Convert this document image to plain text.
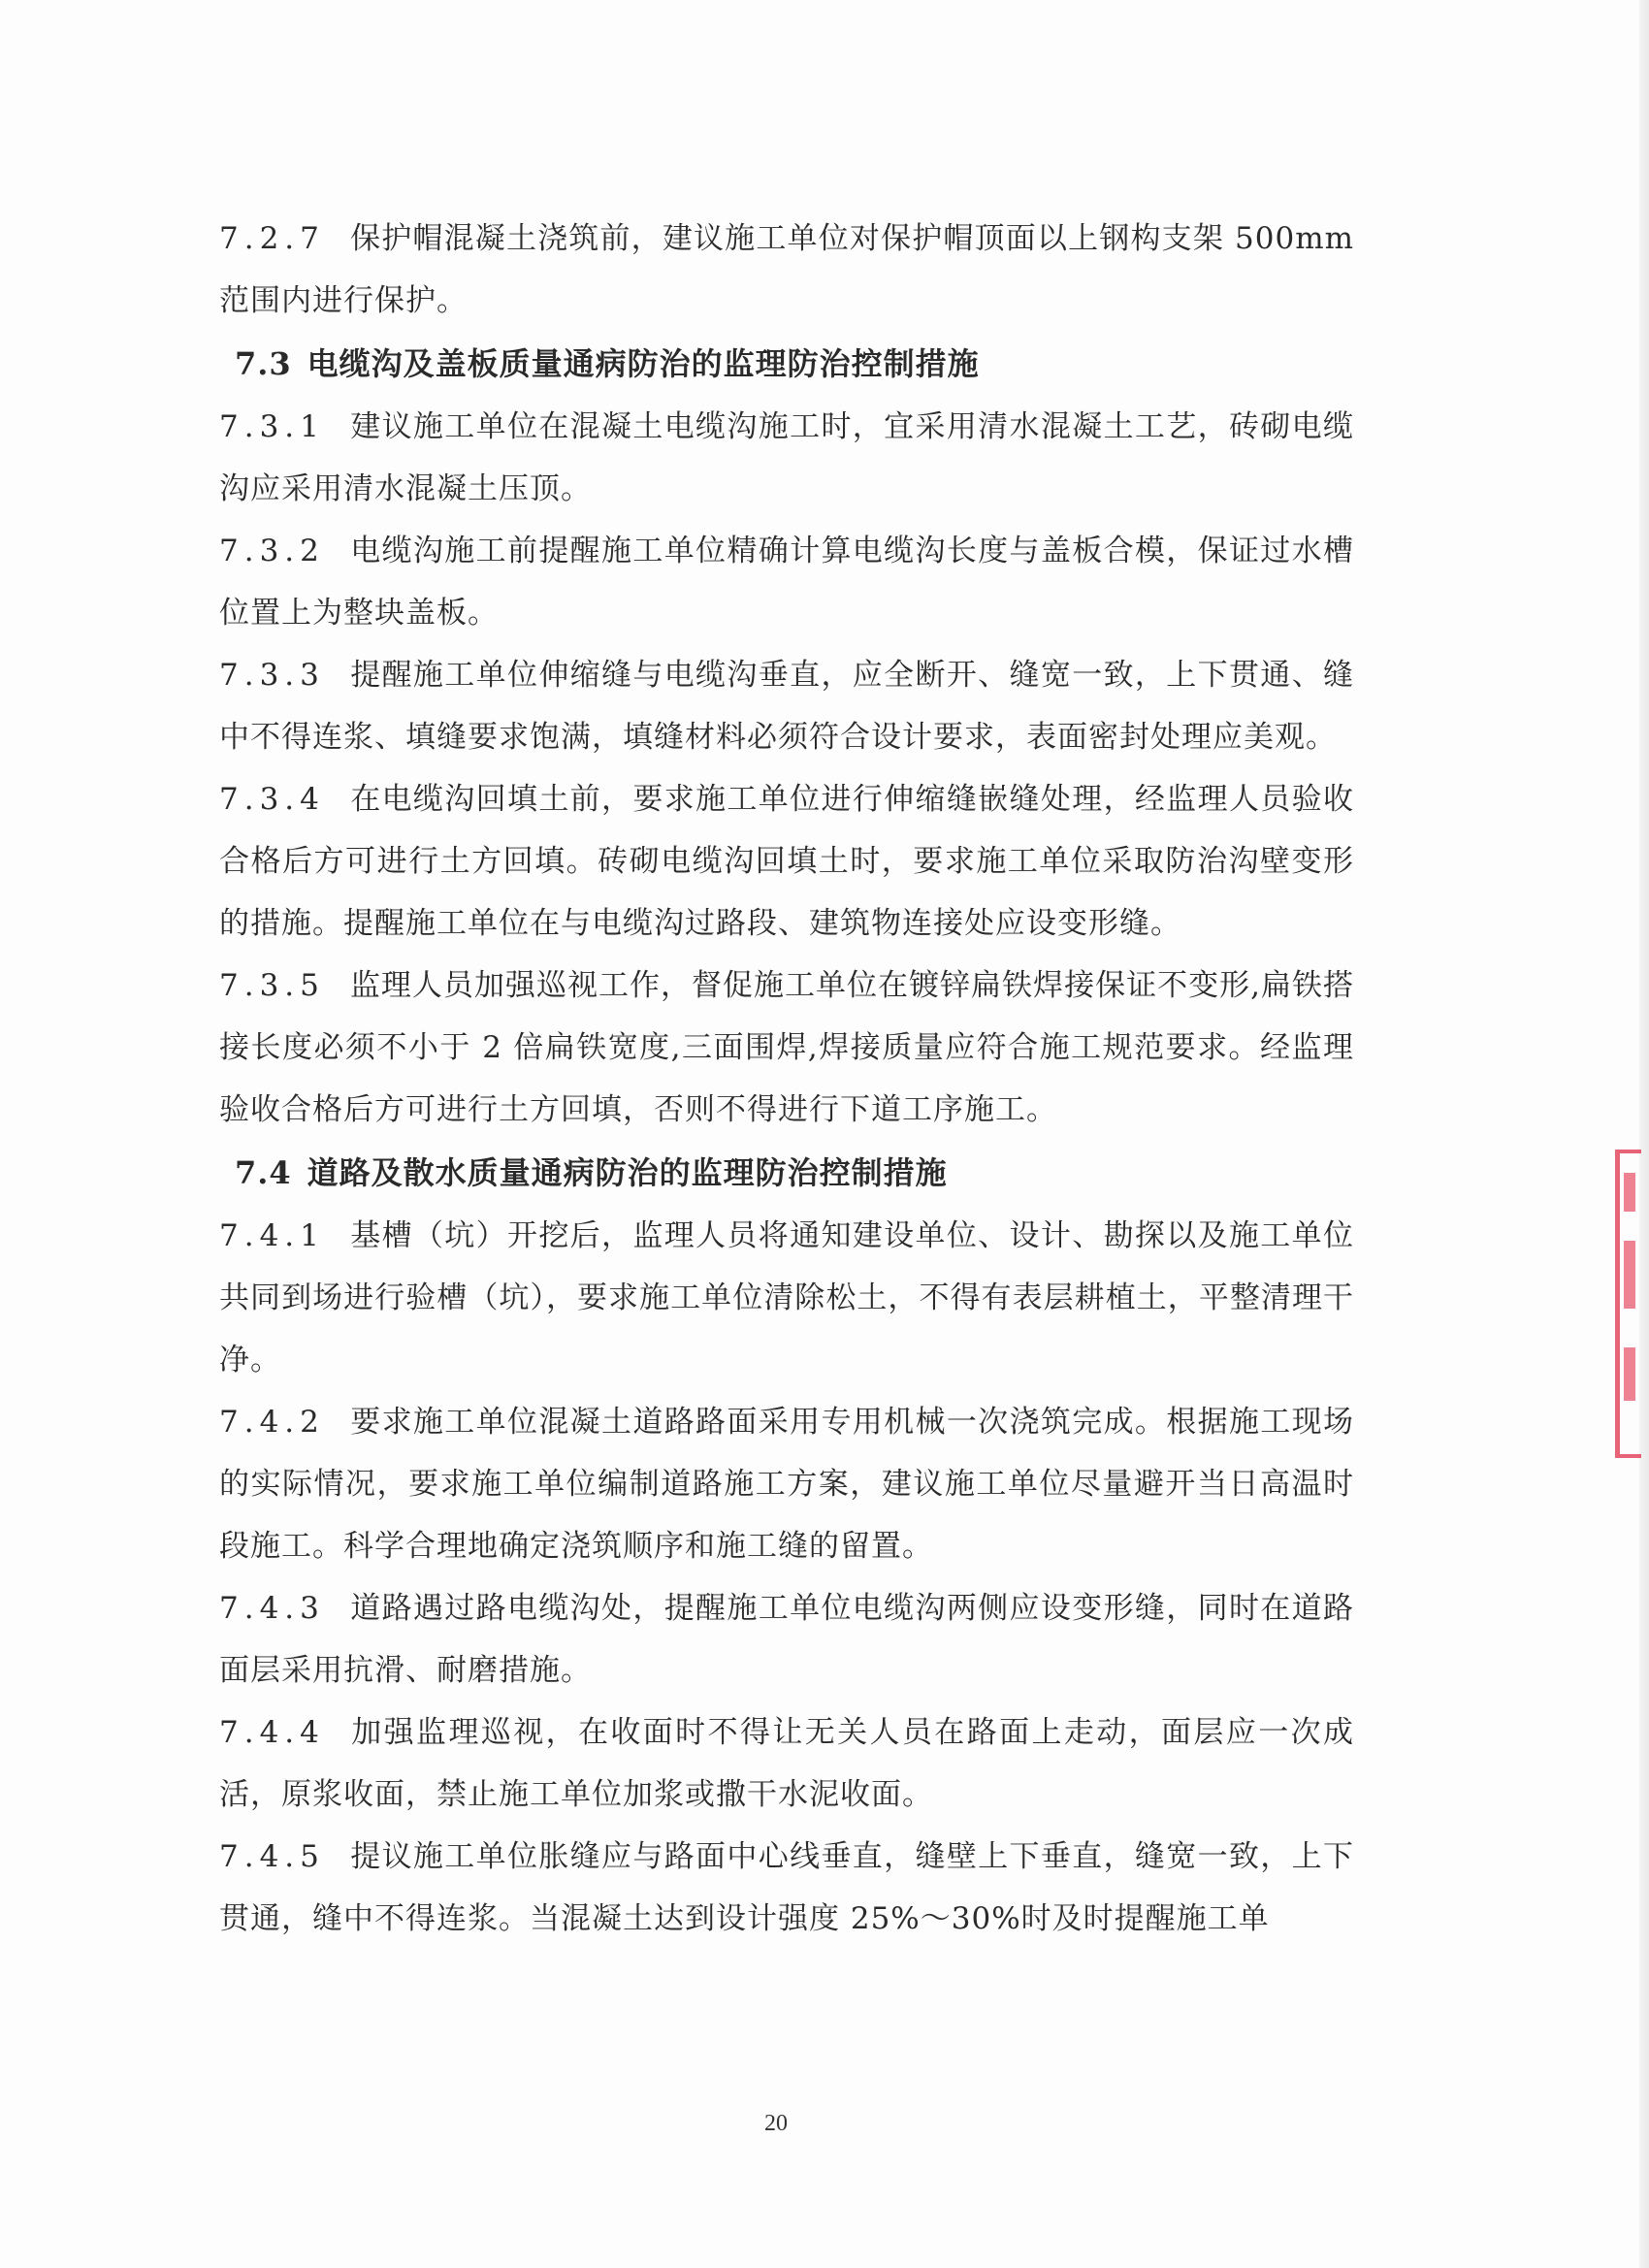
7.2.7 保护帽混凝土浇筑前，建议施工单位对保护帽顶面以上钢构支架 500mm 范围内进行保护。

7.3 电缆沟及盖板质量通病防治的监理防治控制措施

7.3.1 建议施工单位在混凝土电缆沟施工时，宜采用清水混凝土工艺，砖砌电缆沟应采用清水混凝土压顶。

7.3.2 电缆沟施工前提醒施工单位精确计算电缆沟长度与盖板合模，保证过水槽位置上为整块盖板。

7.3.3 提醒施工单位伸缩缝与电缆沟垂直，应全断开、缝宽一致，上下贯通、缝中不得连浆、填缝要求饱满，填缝材料必须符合设计要求，表面密封处理应美观。

7.3.4 在电缆沟回填土前，要求施工单位进行伸缩缝嵌缝处理，经监理人员验收合格后方可进行土方回填。砖砌电缆沟回填土时，要求施工单位采取防治沟壁变形的措施。提醒施工单位在与电缆沟过路段、建筑物连接处应设变形缝。

7.3.5 监理人员加强巡视工作，督促施工单位在镀锌扁铁焊接保证不变形,扁铁搭接长度必须不小于 2 倍扁铁宽度,三面围焊,焊接质量应符合施工规范要求。经监理验收合格后方可进行土方回填，否则不得进行下道工序施工。

7.4 道路及散水质量通病防治的监理防治控制措施

7.4.1 基槽（坑）开挖后，监理人员将通知建设单位、设计、勘探以及施工单位共同到场进行验槽（坑），要求施工单位清除松土，不得有表层耕植土，平整清理干净。

7.4.2 要求施工单位混凝土道路路面采用专用机械一次浇筑完成。根据施工现场的实际情况，要求施工单位编制道路施工方案，建议施工单位尽量避开当日高温时段施工。科学合理地确定浇筑顺序和施工缝的留置。

7.4.3 道路遇过路电缆沟处，提醒施工单位电缆沟两侧应设变形缝，同时在道路面层采用抗滑、耐磨措施。

7.4.4 加强监理巡视，在收面时不得让无关人员在路面上走动，面层应一次成活，原浆收面，禁止施工单位加浆或撒干水泥收面。

7.4.5 提议施工单位胀缝应与路面中心线垂直，缝壁上下垂直，缝宽一致，上下贯通，缝中不得连浆。当混凝土达到设计强度 25%～30%时及时提醒施工单

20
